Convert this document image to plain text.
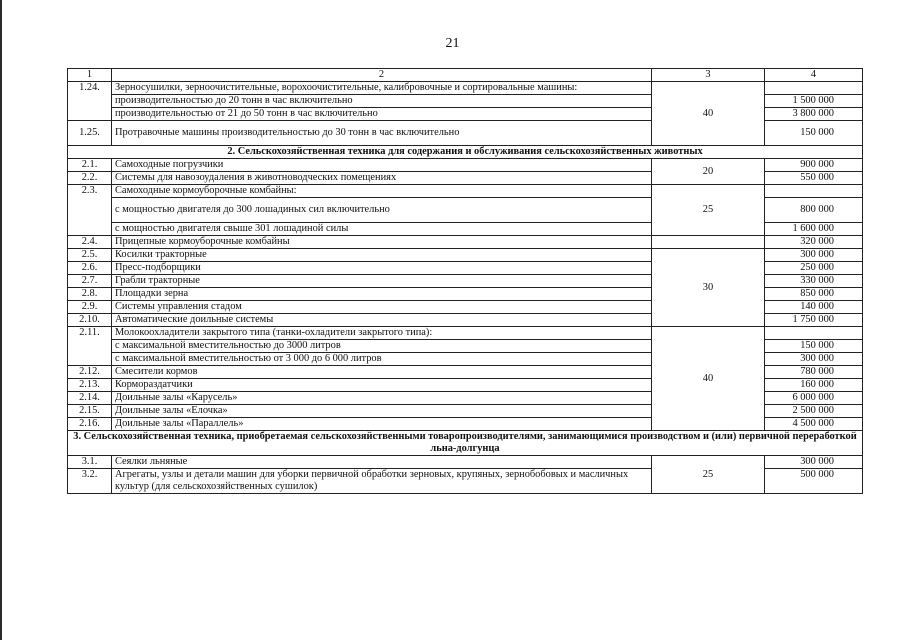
21
1	2	3	4
1.24.	Зерносушилки, зерноочистительные, ворохоочистительные, калибровочные и сортировальные машины:	40	
	производительностью до 20 тонн в час включительно		1 500 000
	производительностью от 21 до 50 тонн в час включительно		3 800 000
1.25.	Протравочные машины производительностью до 30 тонн в час включительно		150 000
2. Сельскохозяйственная техника для содержания и обслуживания сельскохозяйственных животных			
2.1.	Самоходные погрузчики	20	900 000
2.2.	Системы для навозоудаления в животноводческих помещениях		550 000
2.3.	Самоходные кормоуборочные комбайны:	25	
	с мощностью двигателя до 300 лошадиных сил включительно		800 000
	с мощностью двигателя свыше 301 лошадиной силы		1 600 000
2.4.	Прицепные кормоуборочные комбайны		320 000
2.5.	Косилки тракторные	30	300 000
2.6.	Пресс-подборщики		250 000
2.7.	Грабли тракторные		330 000
2.8.	Площадки зерна		850 000
2.9.	Системы управления стадом		140 000
2.10.	Автоматические доильные системы		1 750 000
2.11.	Молокоохладители закрытого типа (танки-охладители закрытого типа):	40	
	с максимальной вместительностью до 3000 литров		150 000
	с максимальной вместительностью от 3 000 до 6 000 литров		300 000
2.12.	Смесители кормов		780 000
2.13.	Кормораздатчики		160 000
2.14.	Доильные залы «Карусель»		6 000 000
2.15.	Доильные залы «Елочка»		2 500 000
2.16.	Доильные залы «Параллель»		4 500 000
3. Сельскохозяйственная техника, приобретаемая сельскохозяйственными товаропроизводителями, занимающимися производством и (или) первичной переработкой льна-долгунца			
3.1.	Сеялки льняные	25	300 000
3.2.	Агрегаты, узлы и детали машин для уборки первичной обработки зерновых, крупяных, зернобобовых и масличных культур (для сельскохозяйственных сушилок)		500 000
